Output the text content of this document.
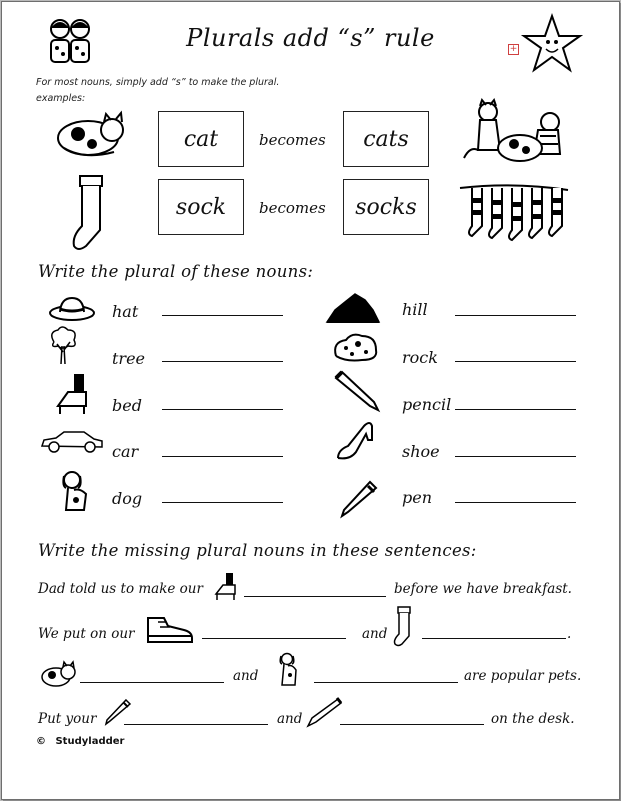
Plurals add “s” rule	+
For most nouns, simply add “s” to make the plural.
examples:
cat	becomes	cats
sock	becomes	socks
Write the plural of these nouns:
hat
tree
bed
car
dog
hill
rock
pencil
shoe
pen
Write the missing plural nouns in these sentences:
Dad told us to make our	before we have breakfast.
We put on our	and	.
and	are popular pets.
Put your	and	on the desk.
© Studyladder
